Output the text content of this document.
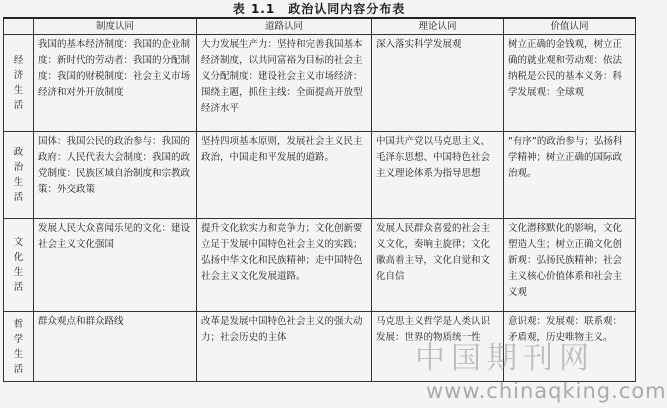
表 1.1　政治认同内容分布表
	制度认同	道路认同	理论认同	价值认同

经济生活	我国的基本经济制度：我国的企业制度：新时代的劳动者：我国的分配制度：我国的财税制度：社会主义市场经济和对外开放制度	大力发展生产力：坚持和完善我国基本经济制度，以共同富裕为目标的社会主义分配制度：建设社会主义市场经济：围绕主题，抓住主线：全面提高开放型经济水平	深入落实科学发展观	树立正确的金钱观，树立正确的就业观和劳动观：依法纳税是公民的基本义务：科学发展观：全球观

政治生活	国体：我国公民的政治参与：我国的政府：人民代表大会制度：我国的政党制度：民族区域自治制度和宗教政策：外交政策	坚持四项基本原则，发展社会主义民主政治，中国走和平发展的道路。	中国共产党以马克思主义、毛泽东思想、中国特色社会主义理论体系为指导思想	“有序”的政治参与；弘扬科学精神；树立正确的国际政治观。

文化生活	发展人民大众喜闻乐见的文化：建设社会主义文化强国	提升文化软实力和竞争力；文化创新要立足于发展中国特色社会主义的实践；弘扬中华文化和民族精神；走中国特色社会主义文化发展道路。	发展人民群众喜爱的社会主义文化，奏响主旋律；文化徽高着主导，文化自觉和文化自信	文化潜移默化的影响，文化塑造人生；树立正确文化创新观：弘扬民族精神；社会主义核心价值体系和社会主义观

哲学生活	群众观点和群众路线	改革是发展中国特色社会主义的强大动力；社会历史的主体	马克思主义哲学是人类认识发展：世界的物质统一性	意识观：发展观：联系观：矛盾观，历史唯物主义。
中国期刊网
www.chinaqking.com
